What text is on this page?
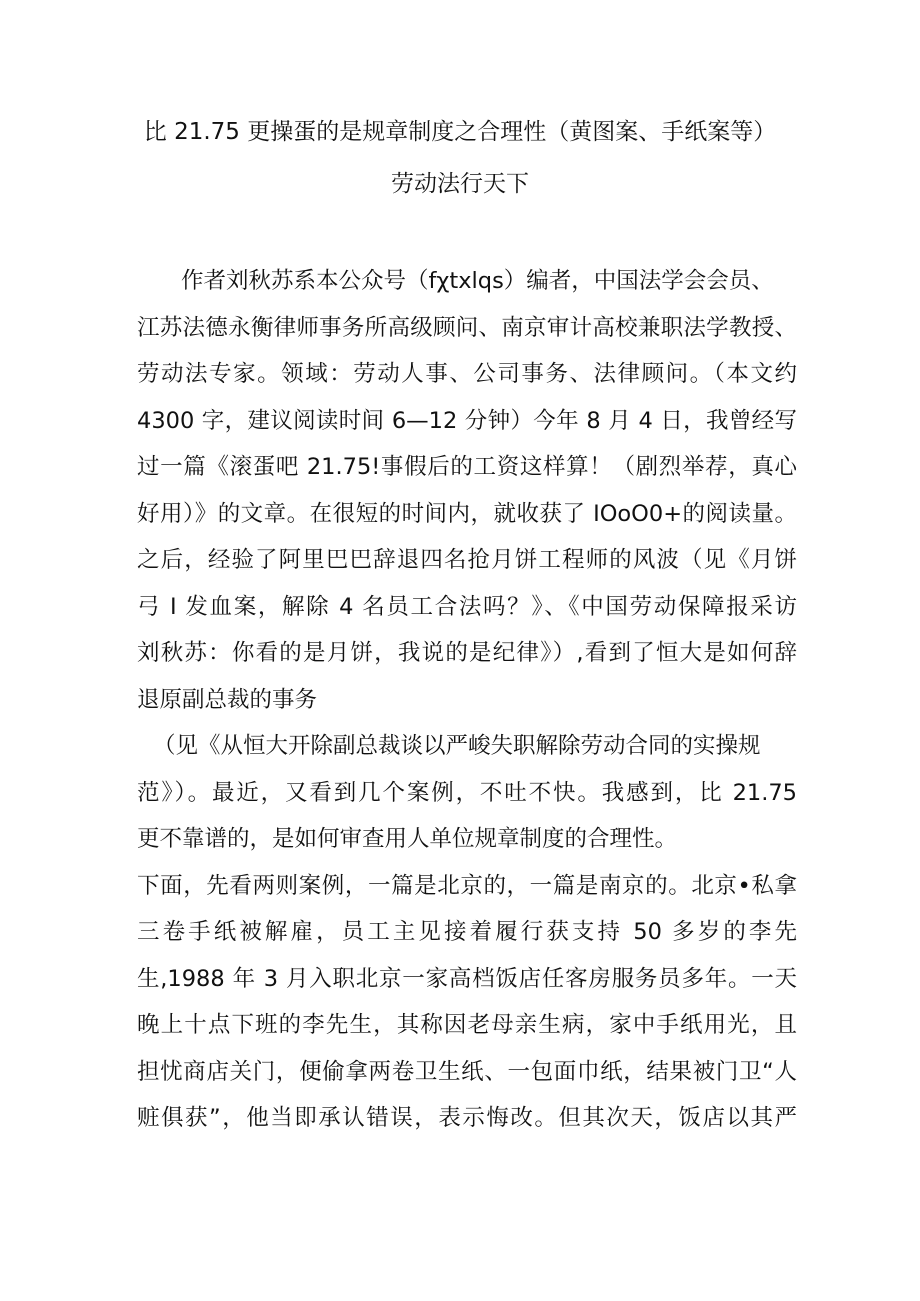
比 21.75 更操蛋的是规章制度之合理性（黄图案、手纸案等）
劳动法行天下
作者刘秋苏系本公众号（fχtxlqs）编者，中国法学会会员、
江苏法德永衡律师事务所高级顾问、南京审计高校兼职法学教授、
劳动法专家。领域：劳动人事、公司事务、法律顾问。（本文约
4300 字，建议阅读时间 6—12 分钟）今年 8 月 4 日，我曾经写
过一篇《滚蛋吧 21.75!事假后的工资这样算！（剧烈举荐，真心
好用）》的文章。在很短的时间内，就收获了 IOoO0+的阅读量。
之后，经验了阿里巴巴辞退四名抢月饼工程师的风波（见《月饼
弓 I 发血案，解除 4 名员工合法吗？》、《中国劳动保障报采访
刘秋苏：你看的是月饼，我说的是纪律》）,看到了恒大是如何辞
退原副总裁的事务
（见《从恒大开除副总裁谈以严峻失职解除劳动合同的实操规
范》）。最近，又看到几个案例，不吐不快。我感到，比 21.75
更不靠谱的，是如何审查用人单位规章制度的合理性。
下面，先看两则案例，一篇是北京的，一篇是南京的。北京•私拿
三卷手纸被解雇，员工主见接着履行获支持 50 多岁的李先
生,1988 年 3 月入职北京一家高档饭店任客房服务员多年。一天
晚上十点下班的李先生，其称因老母亲生病，家中手纸用光，且
担忧商店关门，便偷拿两卷卫生纸、一包面巾纸，结果被门卫“人
赃俱获”，他当即承认错误，表示悔改。但其次天，饭店以其严
